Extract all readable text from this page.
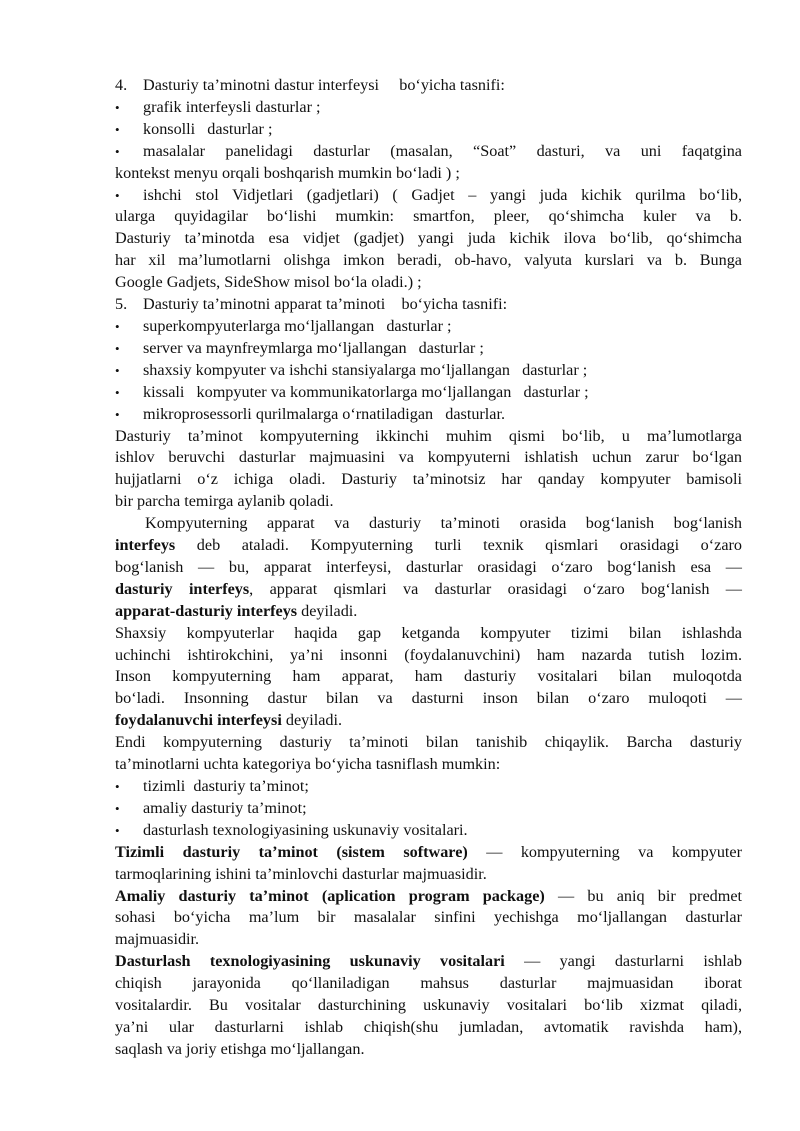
4. Dasturiy ta’minotni dastur interfeysi     bo‘yicha tasnifi:
• grafik interfeysli dasturlar ;
• konsolli   dasturlar ;
• masalalar panelidagi dasturlar (masalan, “Soat” dasturi, va uni faqatgina
kontekst menyu orqali boshqarish mumkin bo‘ladi ) ;
• ishchi stol Vidjetlari (gadjetlari) ( Gadjet – yangi juda kichik qurilma bo‘lib,
ularga quyidagilar bo‘lishi mumkin: smartfon, pleer, qo‘shimcha kuler va b.
Dasturiy ta’minotda esa vidjet (gadjet) yangi juda kichik ilova bo‘lib, qo‘shimcha
har xil ma’lumotlarni olishga imkon beradi, ob-havo, valyuta kurslari va b. Bunga
Google Gadjets, SideShow misol bo‘la oladi.) ;
5. Dasturiy ta’minotni apparat ta’minoti    bo‘yicha tasnifi:
• superkompyuterlarga mo‘ljallangan   dasturlar ;
• server va maynfreymlarga mo‘ljallangan   dasturlar ;
• shaxsiy kompyuter va ishchi stansiyalarga mo‘ljallangan   dasturlar ;
• kissali   kompyuter va kommunikatorlarga mo‘ljallangan   dasturlar ;
• mikroprosessorli qurilmalarga o‘rnatiladigan   dasturlar.
Dasturiy ta’minot kompyuterning ikkinchi muhim qismi bo‘lib, u ma’lumotlarga
ishlov beruvchi dasturlar majmuasini va kompyuterni ishlatish uchun zarur bo‘lgan
hujjatlarni o‘z ichiga oladi. Dasturiy ta’minotsiz har qanday kompyuter bamisoli
bir parcha temirga aylanib qoladi.
Kompyuterning apparat va dasturiy ta’minoti orasida bog‘lanish bog‘lanish
interfeys deb ataladi. Kompyuterning turli texnik qismlari orasidagi o‘zaro
bog‘lanish — bu, apparat interfeysi, dasturlar orasidagi o‘zaro bog‘lanish esa —
dasturiy interfeys, apparat qismlari va dasturlar orasidagi o‘zaro bog‘lanish —
apparat-dasturiy interfeys deyiladi.
Shaxsiy kompyuterlar haqida gap ketganda kompyuter tizimi bilan ishlashda
uchinchi ishtirokchini, ya’ni insonni (foydalanuvchini) ham nazarda tutish lozim.
Inson kompyuterning ham apparat, ham dasturiy vositalari bilan muloqotda
bo‘ladi. Insonning dastur bilan va dasturni inson bilan o‘zaro muloqoti —
foydalanuvchi interfeysi deyiladi.
Endi kompyuterning dasturiy ta’minoti bilan tanishib chiqaylik. Barcha dasturiy
ta’minotlarni uchta kategoriya bo‘yicha tasniflash mumkin:
• tizimli  dasturiy ta’minot;
• amaliy dasturiy ta’minot;
• dasturlash texnologiyasining uskunaviy vositalari.
Tizimli dasturiy ta’minot (sistem software) — kompyuterning va kompyuter
tarmoqlarining ishini ta’minlovchi dasturlar majmuasidir.
Amaliy dasturiy ta’minot (aplication program package) — bu aniq bir predmet
sohasi bo‘yicha ma’lum bir masalalar sinfini yechishga mo‘ljallangan dasturlar
majmuasidir.
Dasturlash texnologiyasining uskunaviy vositalari — yangi dasturlarni ishlab
chiqish jarayonida qo‘llaniladigan mahsus dasturlar majmuasidan iborat
vositalardir. Bu vositalar dasturchining uskunaviy vositalari bo‘lib xizmat qiladi,
ya’ni ular dasturlarni ishlab chiqish(shu jumladan, avtomatik ravishda ham),
saqlash va joriy etishga mo‘ljallangan.
